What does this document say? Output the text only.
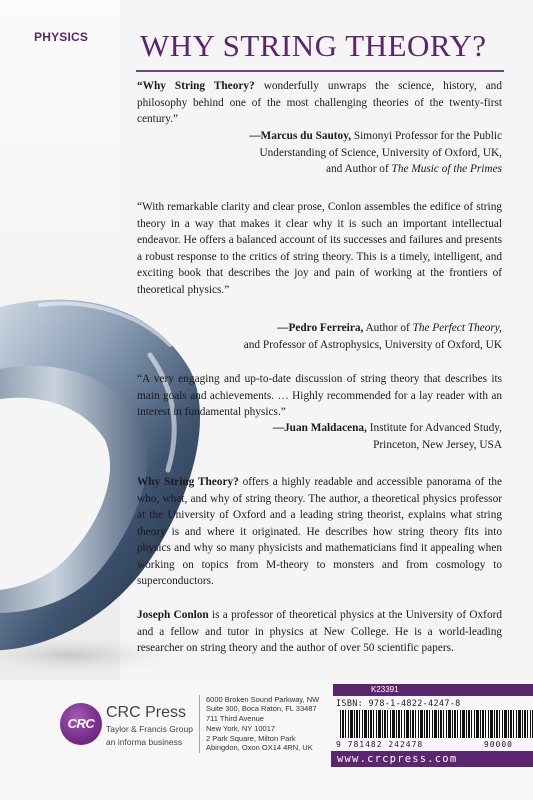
PHYSICS WHY STRING THEORY?
“Why String Theory? wonderfully unwraps the science, history, and philosophy behind one of the most challenging theories of the twenty-first century.”
—Marcus du Sautoy, Simonyi Professor for the Public
Understanding of Science, University of Oxford, UK,
and Author of The Music of the Primes
“With remarkable clarity and clear prose, Conlon assembles the edifice of string theory in a way that makes it clear why it is such an important intellectual endeavor. He offers a balanced account of its successes and failures and presents a robust response to the critics of string theory. This is a timely, intelligent, and exciting book that describes the joy and pain of working at the frontiers of theoretical physics.”
—Pedro Ferreira, Author of The Perfect Theory,
and Professor of Astrophysics, University of Oxford, UK
“A very engaging and up-to-date discussion of string theory that describes its main goals and achievements. … Highly recommended for a lay reader with an interest in fundamental physics.”
—Juan Maldacena, Institute for Advanced Study,
Princeton, New Jersey, USA
Why String Theory? offers a highly readable and accessible panorama of the who, what, and why of string theory. The author, a theoretical physics professor at the University of Oxford and a leading string theorist, explains what string theory is and where it originated. He describes how string theory fits into physics and why so many physicists and mathematicians find it appealing when working on topics from M-theory to monsters and from cosmology to superconductors.
Joseph Conlon is a professor of theoretical physics at the University of Oxford and a fellow and tutor in physics at New College. He is a world-leading researcher on string theory and the author of over 50 scientific papers.
CRC
CRC Press
Taylor & Francis Group
an informa business
6000 Broken Sound Parkway, NW
Suite 300, Boca Raton, FL 33487
711 Third Avenue
New York, NY 10017
2 Park Square, Milton Park
Abingdon, Oxon OX14 4RN, UK
K23391
ISBN: 978-1-4822-4247-8
9 781482 242478	90000
www.crcpress.com
